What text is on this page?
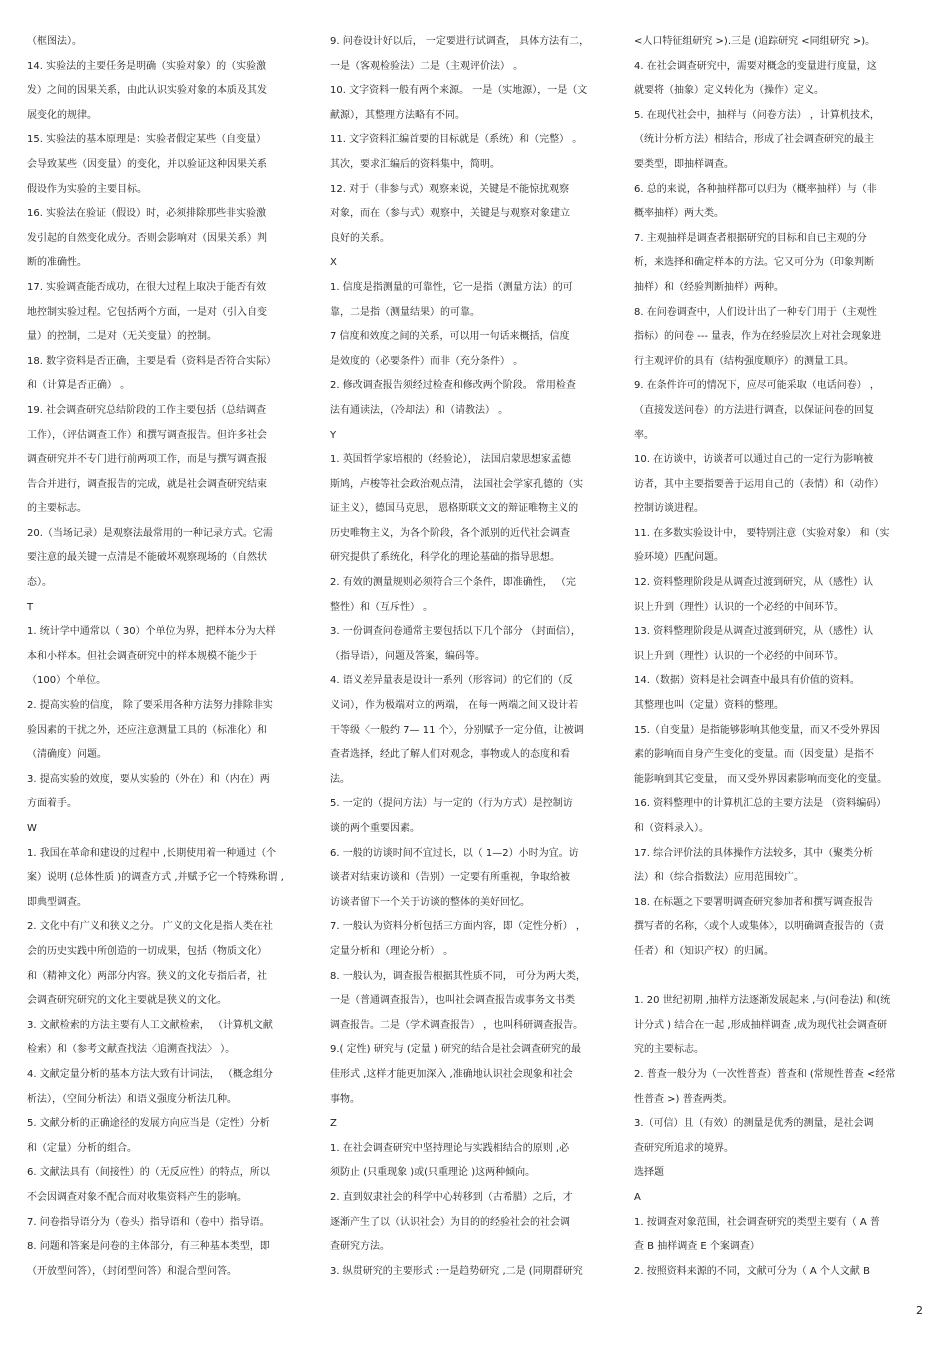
（框图法）。

14. 实验法的主要任务是明确（实验对象）的（实验激

发）之间的因果关系，由此认识实验对象的本质及其发

展变化的规律。

15. 实验法的基本原理是：实验者假定某些（自变量）

会导致某些（因变量）的变化，并以验证这种因果关系

假设作为实验的主要目标。

16. 实验法在验证（假设）时，必须排除那些非实验激

发引起的自然变化成分。否则会影响对（因果关系）判

断的准确性。

17. 实验调查能否成功，在很大过程上取决于能否有效

地控制实验过程。它包括两个方面，一是对（引入自变

量）的控制，二是对（无关变量）的控制。

18. 数字资料是否正确，主要是看（资料是否符合实际）

和（计算是否正确） 。

19. 社会调查研究总结阶段的工作主要包括（总结调查

工作），（评估调查工作）和撰写调查报告。但许多社会

调查研究并不专门进行前两项工作，而是与撰写调查报

告合并进行，调查报告的完成，就是社会调查研究结束

的主要标志。

20.（当场记录）是观察法最常用的一种记录方式。它需

要注意的最关键一点清是不能破坏观察现场的（自然状

态）。

T

1. 统计学中通常以（ 30）个单位为界，把样本分为大样

本和小样本。但社会调查研究中的样本规模不能少于

（100）个单位。

2. 提高实验的信度， 除了要采用各种方法努力排除非实

验因素的干扰之外，还应注意测量工具的（标准化）和

（清确度）问题。

3. 提高实验的效度，要从实验的（外在）和（内在）两

方面着手。

W

1. 我国在革命和建设的过程中 ,长期使用着一种通过（个

案）说明 (总体性质 )的调查方式 ,并赋予它一个特殊称谓 ,

即典型调查。

2. 文化中有广义和狭义之分。 广义的文化是指人类在社

会的历史实践中所创造的一切成果，包括（物质文化）

和（精神文化）两部分内容。狭义的文化专指后者，社

会调查研究研究的文化主要就是狭义的文化。

3. 文献检索的方法主要有人工文献检索， （计算机文献

检索）和（参考文献查找法〈追溯查找法〉 ）。

4. 文献定量分析的基本方法大致有计词法， （概念组分

析法），（空间分析法）和语义强度分析法几种。

5. 文献分析的正确途径的发展方向应当是（定性）分析

和（定量）分析的组合。

6. 文献法具有（间接性）的（无反应性）的特点，所以

不会因调查对象不配合而对收集资料产生的影响。

7. 问卷指导语分为（卷头）指导语和（卷中）指导语。

8. 问题和答案是问卷的主体部分，有三种基本类型，即

（开放型问答），（封闭型问答）和混合型问答。

9. 问卷设计好以后， 一定要进行试调查， 具体方法有二，

一是（客观检验法）二是（主观评价法） 。

10. 文字资料一般有两个来源。 一是（实地源），一是（文

献源），其整理方法略有不同。

11. 文字资料汇编首要的目标就是（系统）和（完整） 。

其次，要求汇编后的资料集中，简明。

12. 对于（非参与式）观察来说，关键是不能惊扰观察

对象，而在（参与式）观察中，关键是与观察对象建立

良好的关系。

X

1. 信度是指测量的可靠性，它一是指（测量方法）的可

靠，二是指（测量结果）的可靠。

7 信度和效度之间的关系，可以用一句话来概括，信度

是效度的（必要条件）而非（充分条件） 。

2. 修改调查报告须经过检查和修改两个阶段。 常用检查

法有通读法，（冷却法）和（请教法） 。

Y

1. 英国哲学家培根的（经验论）， 法国启蒙思想家孟德

斯鸠，卢梭等社会政治观点清， 法国社会学家孔德的（实

证主义），德国马克思， 恩格斯联文文的辩证唯物主义的

历史唯物主义，为各个阶段，各个派别的近代社会调查

研究提供了系统化，科学化的理论基础的指导思想。

2. 有效的测量规则必须符合三个条件，即准确性， （完

整性）和（互斥性） 。

3. 一份调查问卷通常主要包括以下几个部分 （封面信），

（指导语），问题及答案，编码等。

4. 语义差异量表是设计一系列（形容词）的它们的（反

义词），作为极端对立的两端， 在每一两端之间又设计若

干等级〈一般约 7— 11 个〉，分别赋予一定分值，让被调

查者选择，经此了解人们对观念，事物或人的态度和看

法。

5. 一定的（提问方法）与一定的（行为方式）是控制访

谈的两个重要因素。

6. 一般的访谈时间不宜过长，以（ 1—2）小时为宜。访

谈者对结束访谈和（告别）一定要有所重视，争取给被

访谈者留下一个关于访谈的整体的美好回忆。

7. 一般认为资料分析包括三方面内容，即（定性分析） ，

定量分析和（理论分析） 。

8. 一般认为，调查报告根据其性质不同， 可分为两大类，

一是（普通调查报告），也叫社会调查报告或事务文书类

调查报告。二是（学术调查报告） ，也叫科研调查报告。

9.( 定性) 研究与 (定量 ) 研究的结合是社会调查研究的最

佳形式 ,这样才能更加深入 ,准确地认识社会现象和社会

事物。

Z

1. 在社会调查研究中坚持理论与实践相结合的原则 ,必

须防止 (只重现象 )或(只重理论 )这两种倾向。

2. 直到奴隶社会的科学中心转移到（古希腊）之后，才

逐渐产生了以（认识社会）为目的的经验社会的社会调

查研究方法。

3. 纵贯研究的主要形式 :一是趋势研究 ,二是 (同期群研究

<人口特征组研究 >).三是 (追踪研究 <同组研究 >)。

4. 在社会调查研究中，需要对概念的变量进行度量，这

就要将（抽象）定义转化为（操作）定义。

5. 在现代社会中，抽样与（问卷方法） ，计算机技术，

（统计分析方法）相结合，形成了社会调查研究的最主

要类型，即抽样调查。

6. 总的来说，各种抽样都可以归为（概率抽样）与（非

概率抽样）两大类。

7. 主观抽样是调查者根据研究的目标和自已主观的分

析，来选择和确定样本的方法。它又可分为（印象判断

抽样）和（经验判断抽样）两种。

8. 在问卷调查中，人们设计出了一种专门用于（主观性

指标）的问卷 --- 量表，作为在经验层次上对社会现象进

行主观评价的具有（结构强度顺序）的测量工具。

9. 在条件许可的情况下，应尽可能采取（电话问卷） ，

（直接发送问卷）的方法进行调查，以保证问卷的回复

率。

10. 在访谈中，访谈者可以通过自己的一定行为影响被

访者，其中主要指要善于运用自己的（表情）和（动作）

控制访谈进程。

11. 在多数实验设计中， 要特别注意（实验对象） 和（实

验环境）匹配问题。

12. 资料整理阶段是从调查过渡到研究，从（感性）认

识上升到（理性）认识的一个必经的中间环节。

13. 资料整理阶段是从调查过渡到研究，从（感性）认

识上升到（理性）认识的一个必经的中间环节。

14.（数据）资料是社会调查中最具有价值的资料。

其整理也叫（定量）资料的整理。

15.（自变量）是指能够影响其他变量，而又不受外界因

素的影响而自身产生变化的变量。而（因变量）是指不

能影响到其它变量， 而又受外界因素影响而变化的变量。

16. 资料整理中的计算机汇总的主要方法是 （资料编码）

和（资料录入）。

17. 综合评价法的具体操作方法较多，其中（聚类分析

法）和（综合指数法）应用范围较广。

18. 在标题之下要署明调查研究参加者和撰写调查报告

撰写者的名称，〈或个人或集体〉，以明确调查报告的（责

任者）和（知识产权）的归属。

1. 20 世纪初期 ,抽样方法逐渐发展起来 ,与(问卷法) 和(统

计分式 ) 结合在一起 ,形成抽样调查 ,成为现代社会调查研

究的主要标志。

2. 普查一般分为（一次性普查）普查和 (常规性普查 <经常

性普查 >) 普查两类。

3.（可信）且（有效）的测量是优秀的测量，是社会调

查研究所追求的境界。

选择题

A

1. 按调查对象范围，社会调查研究的类型主要有（ A 普

查 B 抽样调查 E 个案调查）

2. 按照资料来源的不同，文献可分为（ A 个人文献 B

2
